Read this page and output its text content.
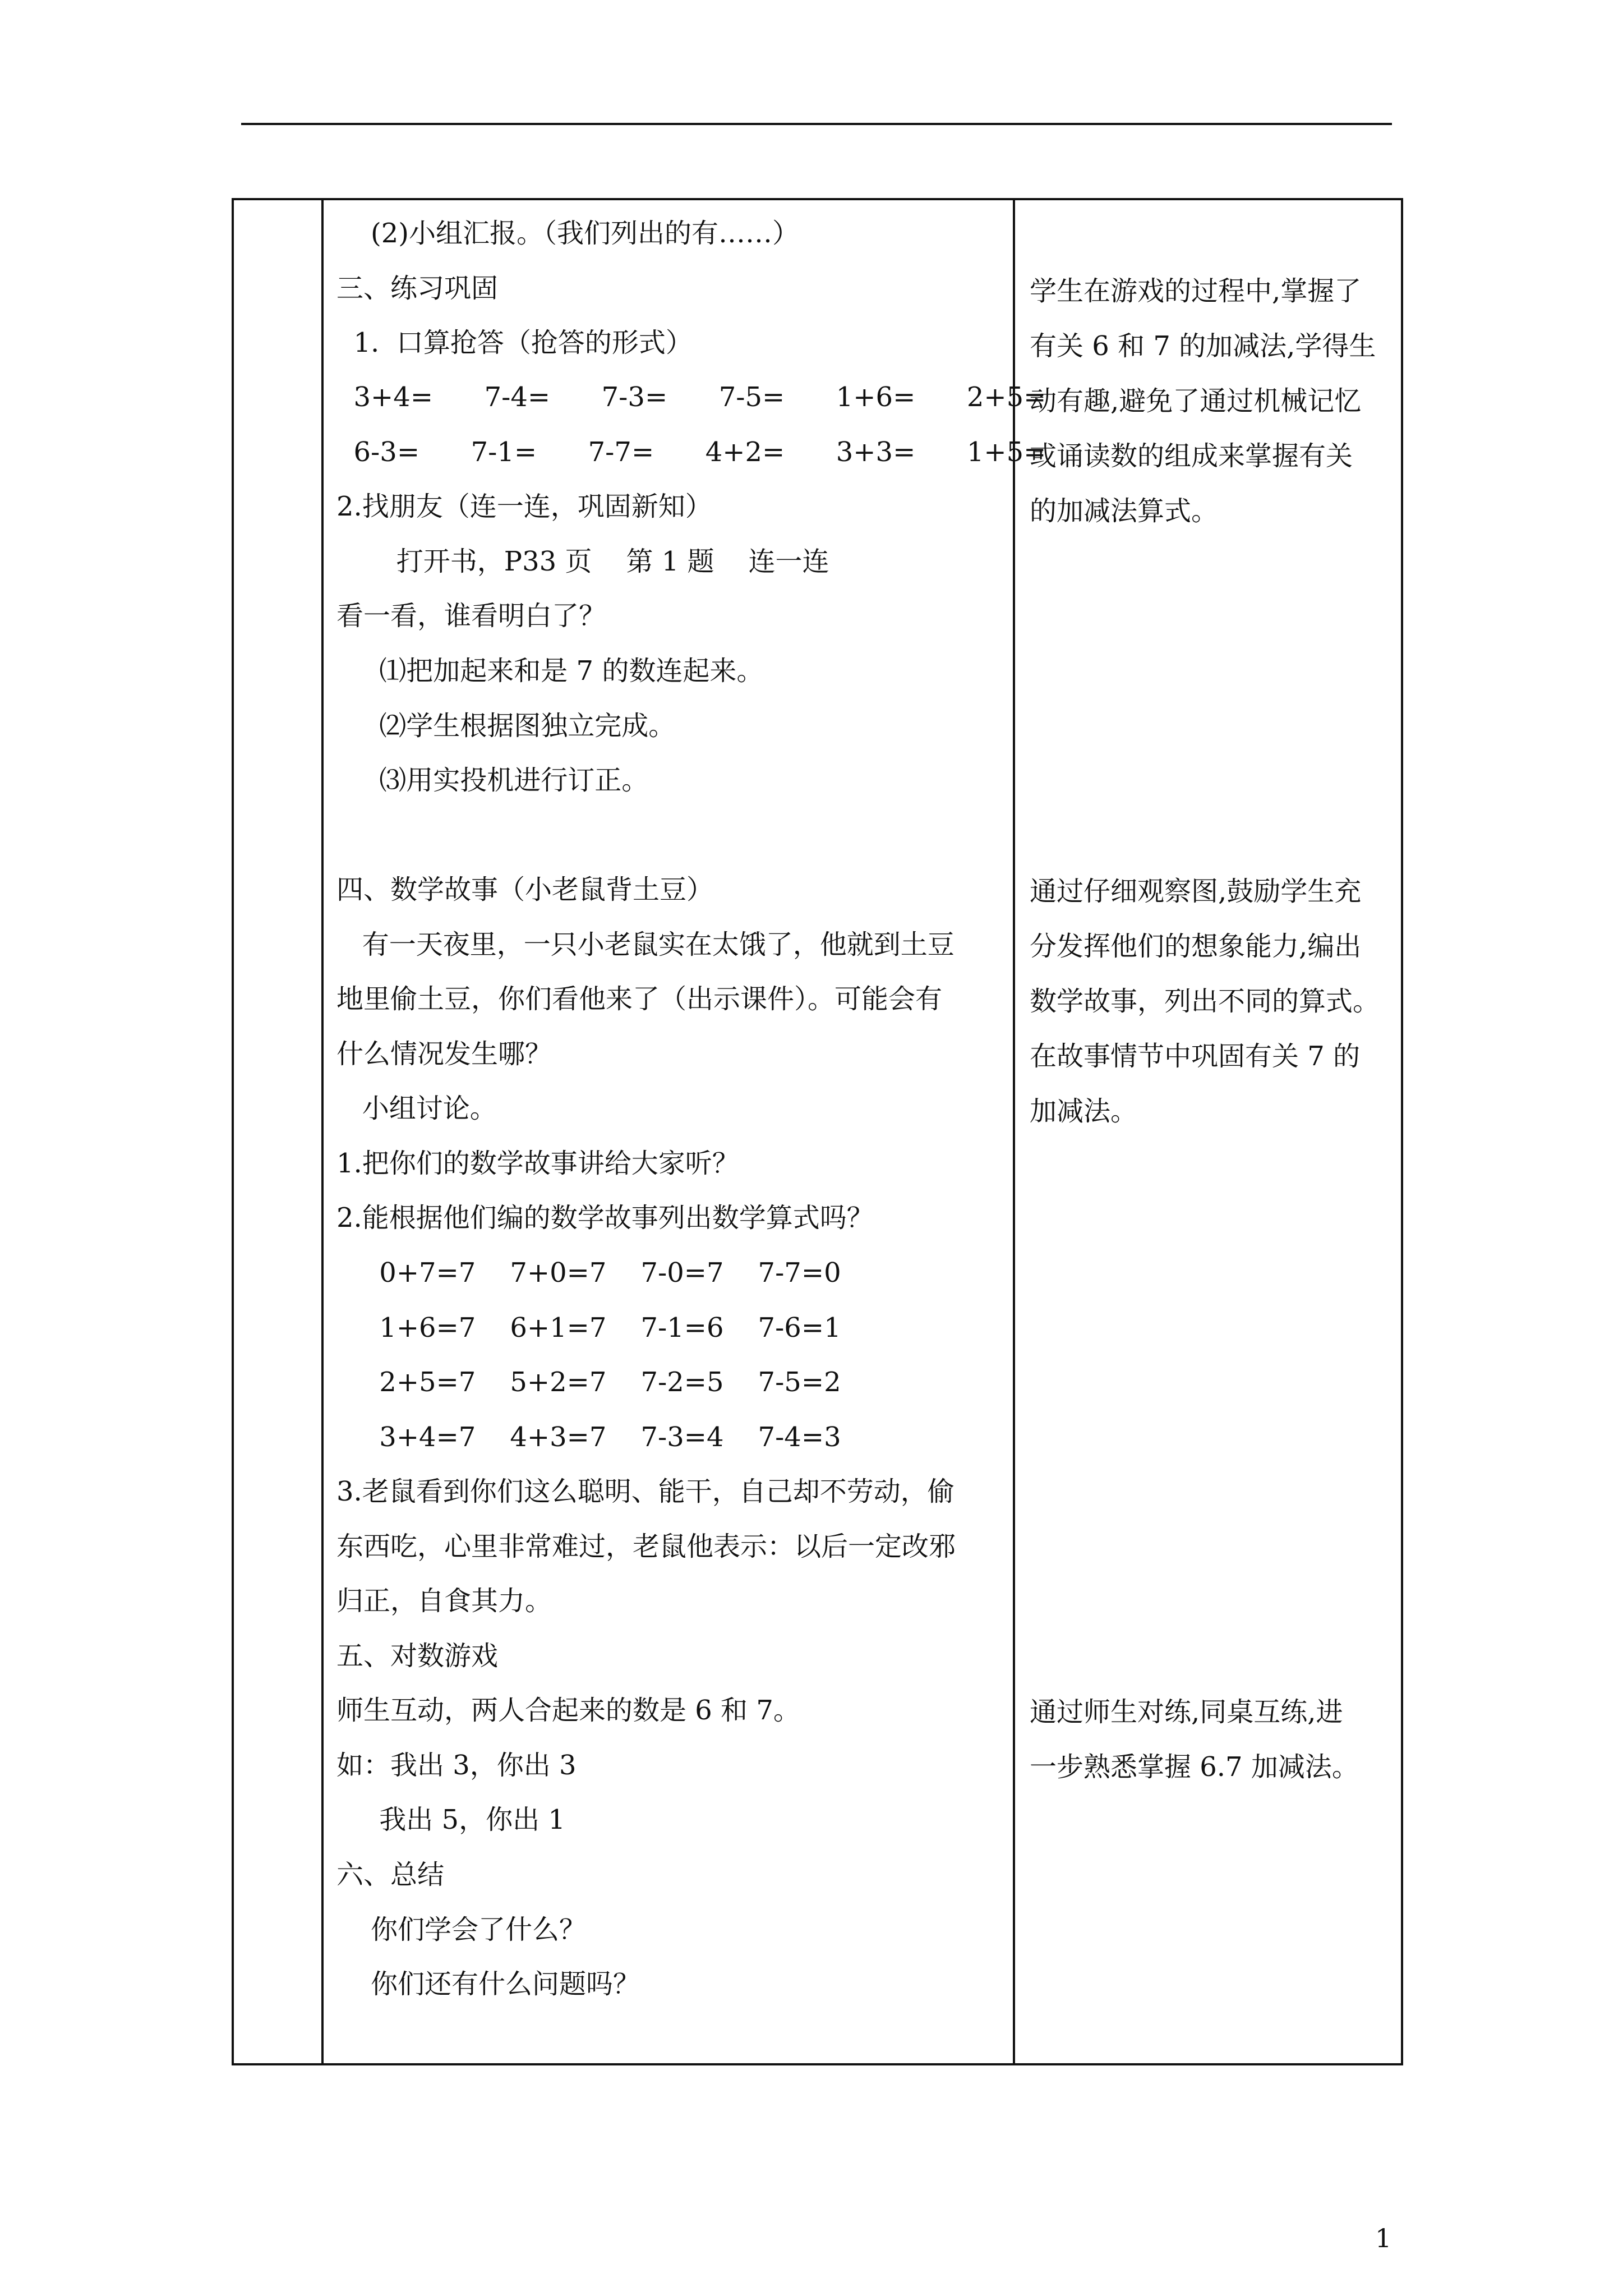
(2)小组汇报。（我们列出的有……）
三、练习巩固
1.  口算抢答（抢答的形式）
3+4=      7-4=      7-3=      7-5=      1+6=      2+5=
6-3=      7-1=      7-7=      4+2=      3+3=      1+5=
2.找朋友（连一连，巩固新知）
打开书，P33 页    第 1 题    连一连
看一看，谁看明白了？
⑴把加起来和是 7 的数连起来。
⑵学生根据图独立完成。
⑶用实投机进行订正。
四、数学故事（小老鼠背土豆）
有一天夜里，一只小老鼠实在太饿了，他就到土豆
地里偷土豆，你们看他来了（出示课件）。可能会有
什么情况发生哪？
小组讨论。
1.把你们的数学故事讲给大家听？
2.能根据他们编的数学故事列出数学算式吗？
0+7=7    7+0=7    7-0=7    7-7=0
1+6=7    6+1=7    7-1=6    7-6=1
2+5=7    5+2=7    7-2=5    7-5=2
3+4=7    4+3=7    7-3=4    7-4=3
3.老鼠看到你们这么聪明、能干，自己却不劳动，偷
东西吃，心里非常难过，老鼠他表示：以后一定改邪
归正，自食其力。
五、对数游戏
师生互动，两人合起来的数是 6 和 7。
如：我出 3，你出 3
我出 5，你出 1
六、总结
你们学会了什么？
你们还有什么问题吗？
学生在游戏的过程中,掌握了
有关 6 和 7 的加减法,学得生
动有趣,避免了通过机械记忆
或诵读数的组成来掌握有关
的加减法算式。
通过仔细观察图,鼓励学生充
分发挥他们的想象能力,编出
数学故事，列出不同的算式。
在故事情节中巩固有关 7 的
加减法。
通过师生对练,同桌互练,进
一步熟悉掌握 6.7 加减法。
1
